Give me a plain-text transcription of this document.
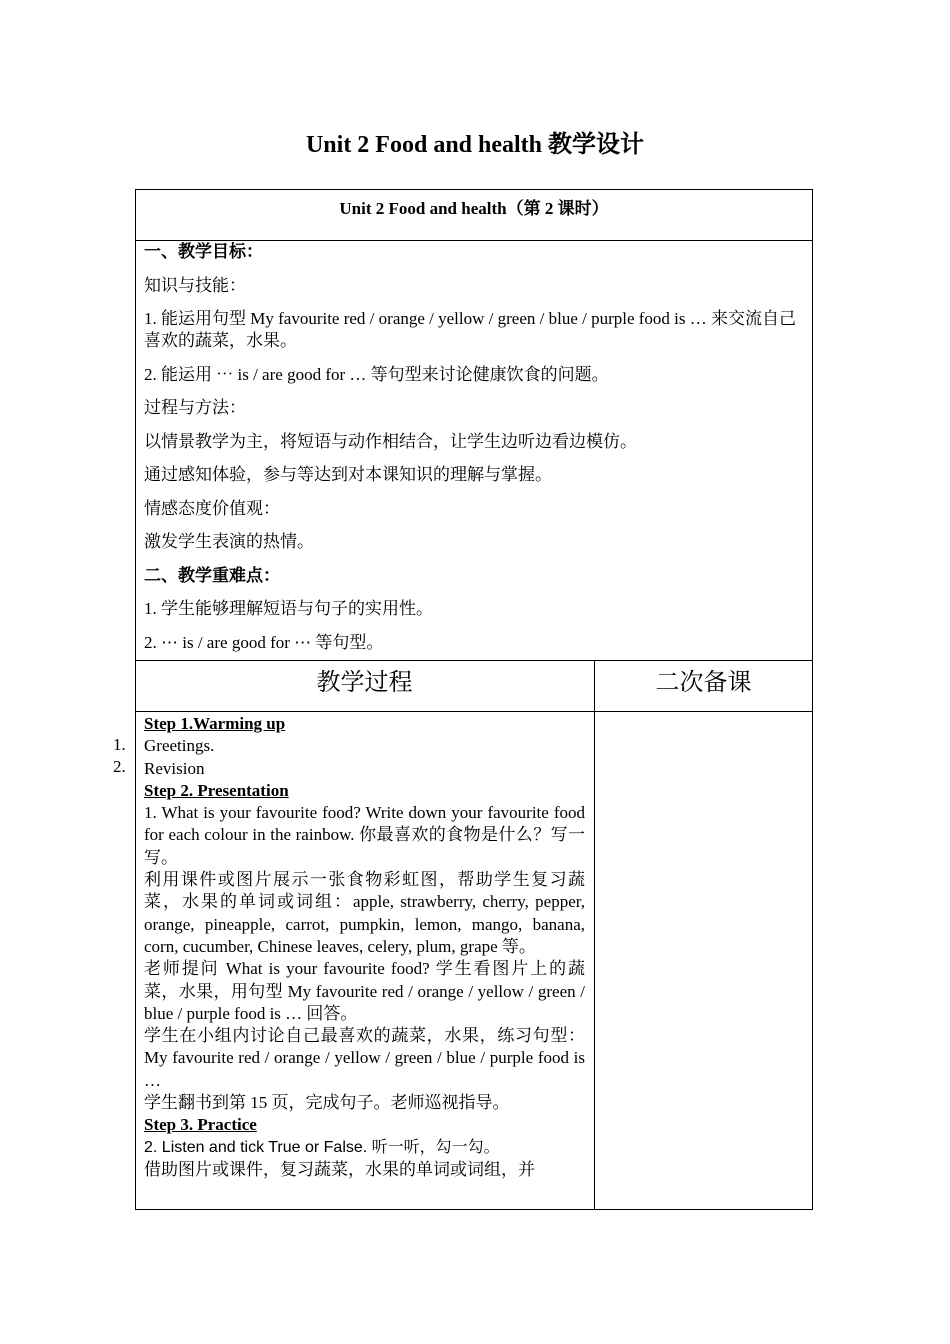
Unit 2 Food and health 教学设计
Unit 2 Food and health（第 2 课时）

一、教学目标：

知识与技能：

1. 能运用句型 My favourite red / orange / yellow / green / blue / purple food is … 来交流自己喜欢的蔬菜，水果。

2. 能运用 ⋯ is / are good for … 等句型来讨论健康饮食的问题。

过程与方法：

以情景教学为主，将短语与动作相结合，让学生边听边看边模仿。

通过感知体验，参与等达到对本课知识的理解与掌握。

情感态度价值观：

激发学生表演的热情。

二、教学重难点：

1. 学生能够理解短语与句子的实用性。

2. ⋯ is / are good for ⋯ 等句型。

教学过程	二次备课
1.
2.

Step 1.Warming up

Greetings.

Revision

Step 2. Presentation

1. What is your favourite food? Write down your favourite food for each colour in the rainbow. 你最喜欢的食物是什么？写一写。

利用课件或图片展示一张食物彩虹图，帮助学生复习蔬菜，水果的单词或词组：apple, strawberry, cherry, pepper, orange, pineapple, carrot, pumpkin, lemon, mango, banana, corn, cucumber, Chinese leaves, celery, plum, grape 等。

老师提问 What is your favourite food? 学生看图片上的蔬菜，水果，用句型 My favourite red / orange / yellow / green / blue / purple food is … 回答。

学生在小组内讨论自己最喜欢的蔬菜，水果，练习句型：My favourite red / orange / yellow / green / blue / purple food is …

学生翻书到第 15 页，完成句子。老师巡视指导。

Step 3. Practice

2. Listen and tick True or False. 听一听，勾一勾。

借助图片或课件，复习蔬菜，水果的单词或词组，并
